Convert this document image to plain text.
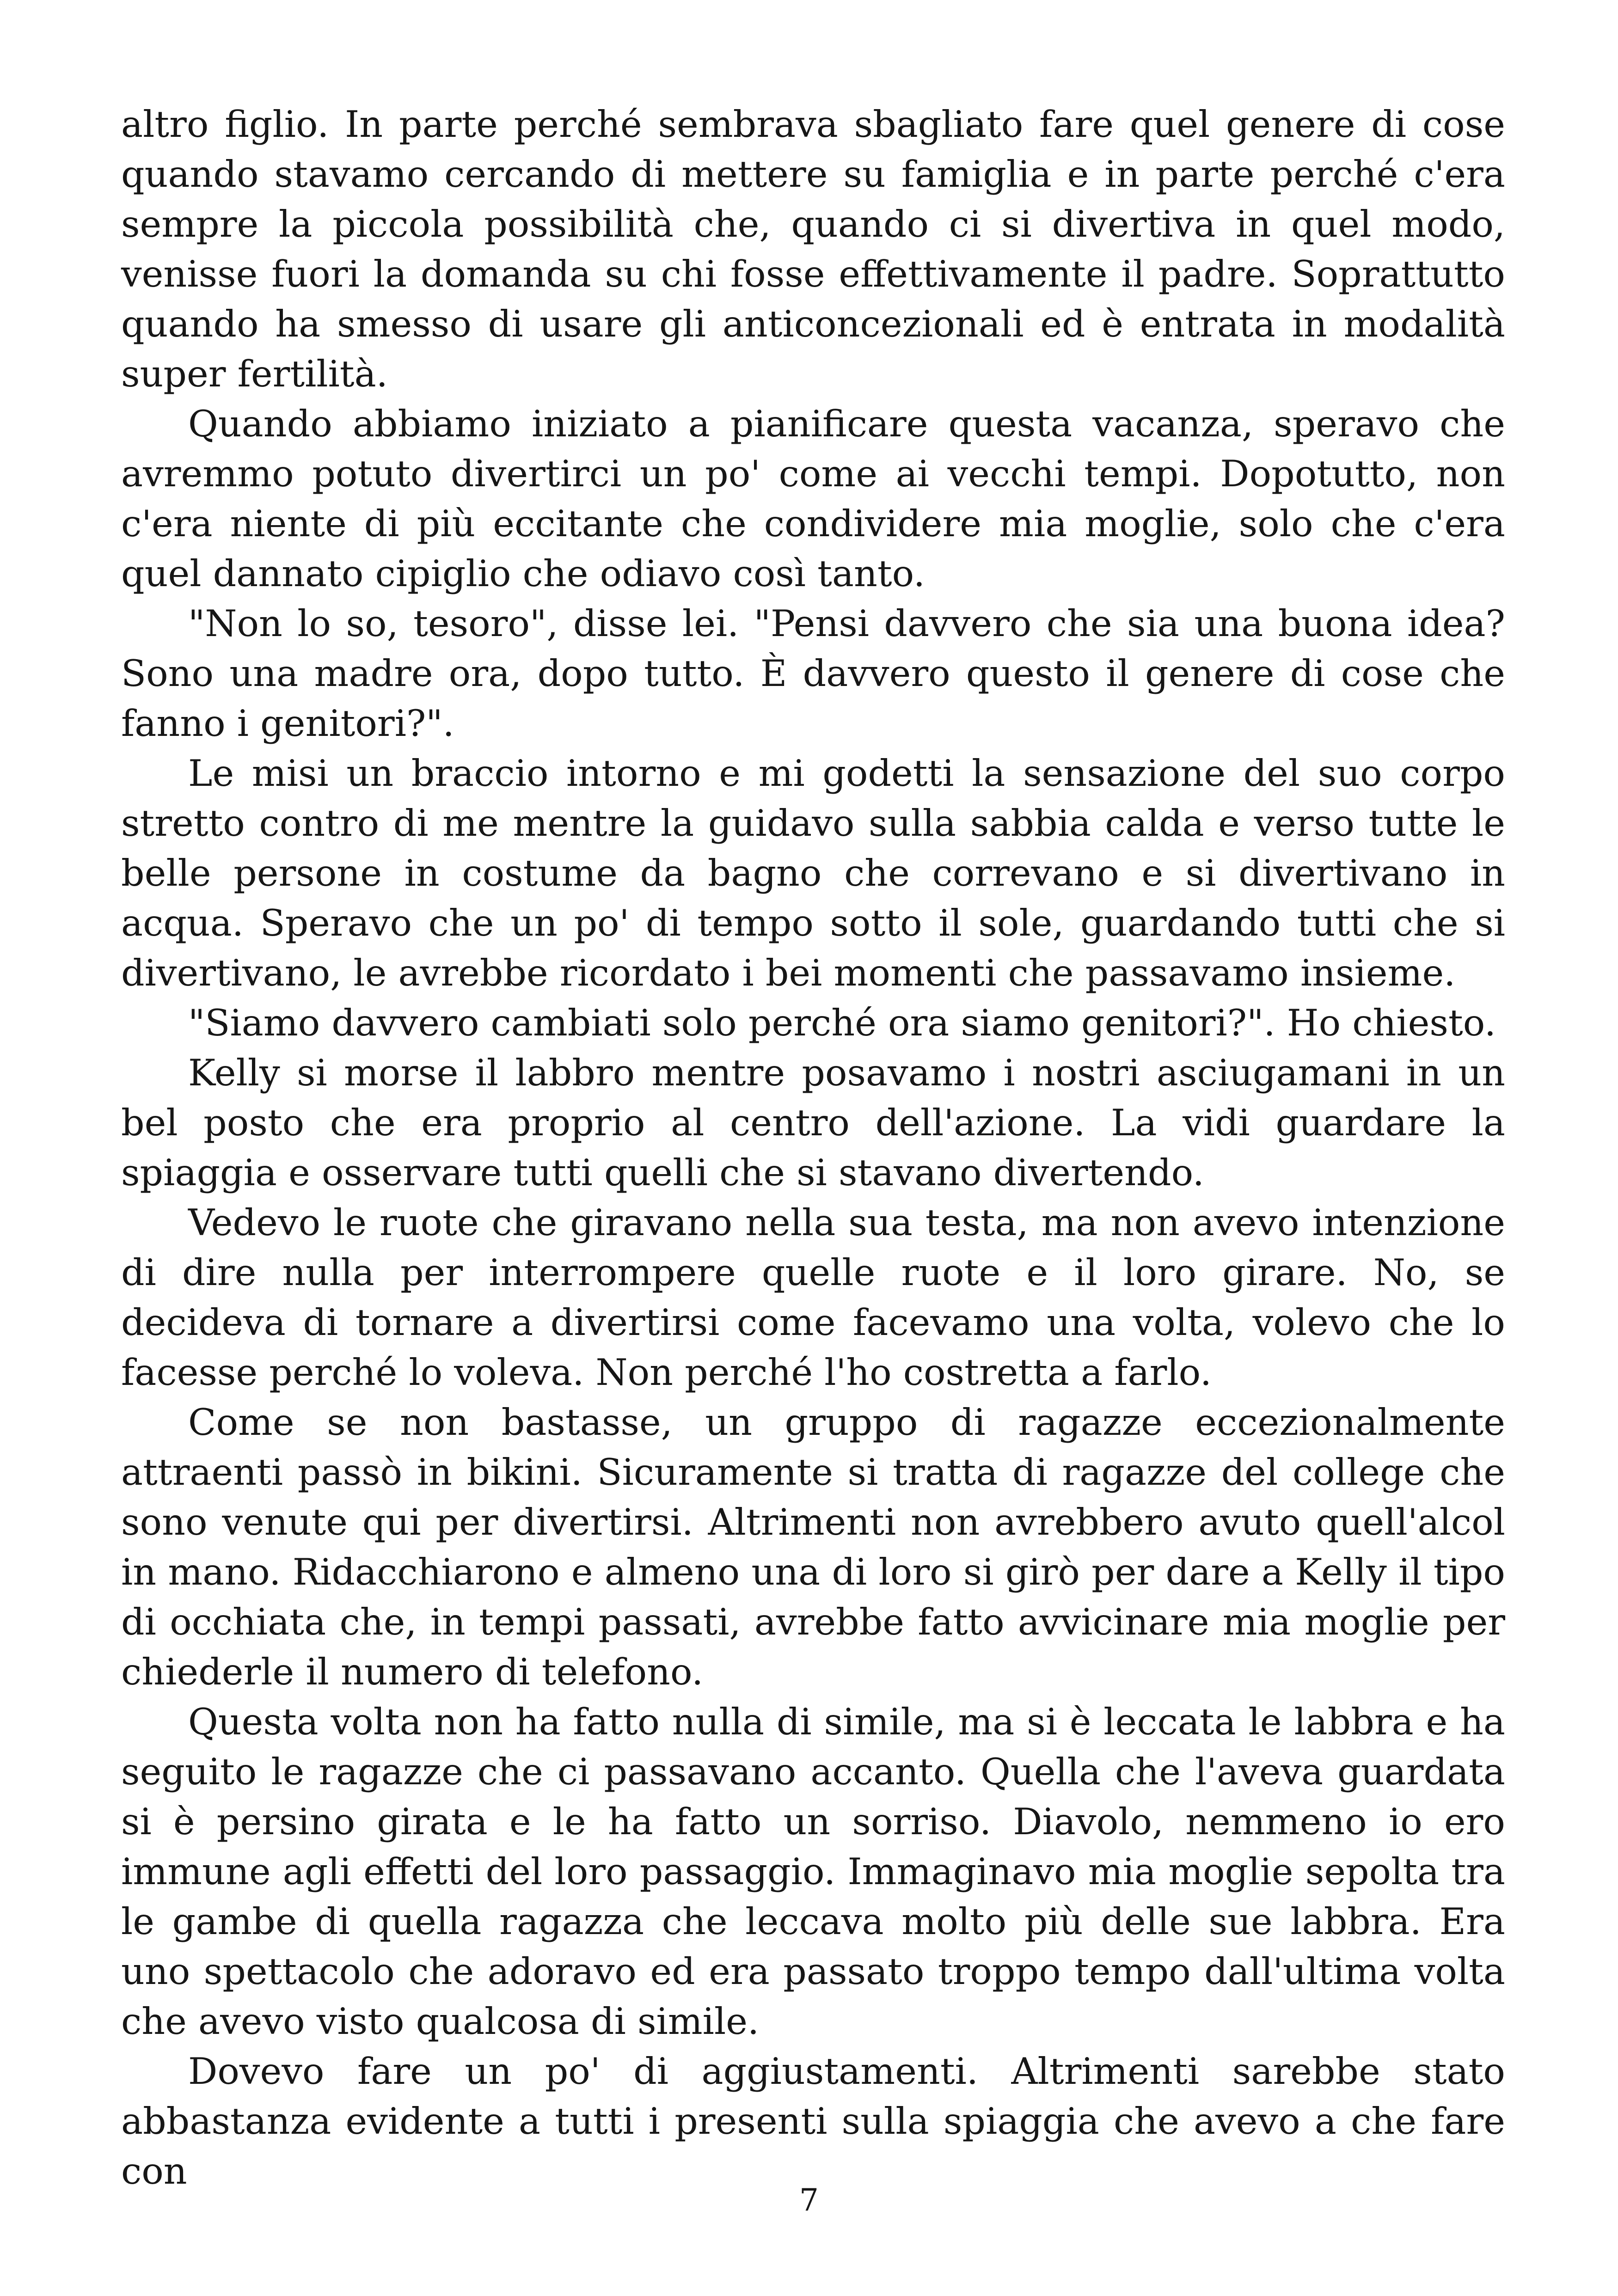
altro figlio. In parte perché sembrava sbagliato fare quel genere di cose quando stavamo cercando di mettere su famiglia e in parte perché c'era sempre la piccola possibilità che, quando ci si divertiva in quel modo, venisse fuori la domanda su chi fosse effettivamente il padre. Soprattutto quando ha smesso di usare gli anticoncezionali ed è entrata in modalità super fertilità.

Quando abbiamo iniziato a pianificare questa vacanza, speravo che avremmo potuto divertirci un po' come ai vecchi tempi. Dopotutto, non c'era niente di più eccitante che condividere mia moglie, solo che c'era quel dannato cipiglio che odiavo così tanto.

"Non lo so, tesoro", disse lei. "Pensi davvero che sia una buona idea? Sono una madre ora, dopo tutto. È davvero questo il genere di cose che fanno i genitori?".

Le misi un braccio intorno e mi godetti la sensazione del suo corpo stretto contro di me mentre la guidavo sulla sabbia calda e verso tutte le belle persone in costume da bagno che correvano e si divertivano in acqua. Speravo che un po' di tempo sotto il sole, guardando tutti che si divertivano, le avrebbe ricordato i bei momenti che passavamo insieme.

"Siamo davvero cambiati solo perché ora siamo genitori?". Ho chiesto.

Kelly si morse il labbro mentre posavamo i nostri asciugamani in un bel posto che era proprio al centro dell'azione. La vidi guardare la spiaggia e osservare tutti quelli che si stavano divertendo.

Vedevo le ruote che giravano nella sua testa, ma non avevo intenzione di dire nulla per interrompere quelle ruote e il loro girare. No, se decideva di tornare a divertirsi come facevamo una volta, volevo che lo facesse perché lo voleva. Non perché l'ho costretta a farlo.

Come se non bastasse, un gruppo di ragazze eccezionalmente attraenti passò in bikini. Sicuramente si tratta di ragazze del college che sono venute qui per divertirsi. Altrimenti non avrebbero avuto quell'alcol in mano. Ridacchiarono e almeno una di loro si girò per dare a Kelly il tipo di occhiata che, in tempi passati, avrebbe fatto avvicinare mia moglie per chiederle il numero di telefono.

Questa volta non ha fatto nulla di simile, ma si è leccata le labbra e ha seguito le ragazze che ci passavano accanto. Quella che l'aveva guardata si è persino girata e le ha fatto un sorriso. Diavolo, nemmeno io ero immune agli effetti del loro passaggio. Immaginavo mia moglie sepolta tra le gambe di quella ragazza che leccava molto più delle sue labbra. Era uno spettacolo che adoravo ed era passato troppo tempo dall'ultima volta che avevo visto qualcosa di simile.

Dovevo fare un po' di aggiustamenti. Altrimenti sarebbe stato abbastanza evidente a tutti i presenti sulla spiaggia che avevo a che fare con

7
